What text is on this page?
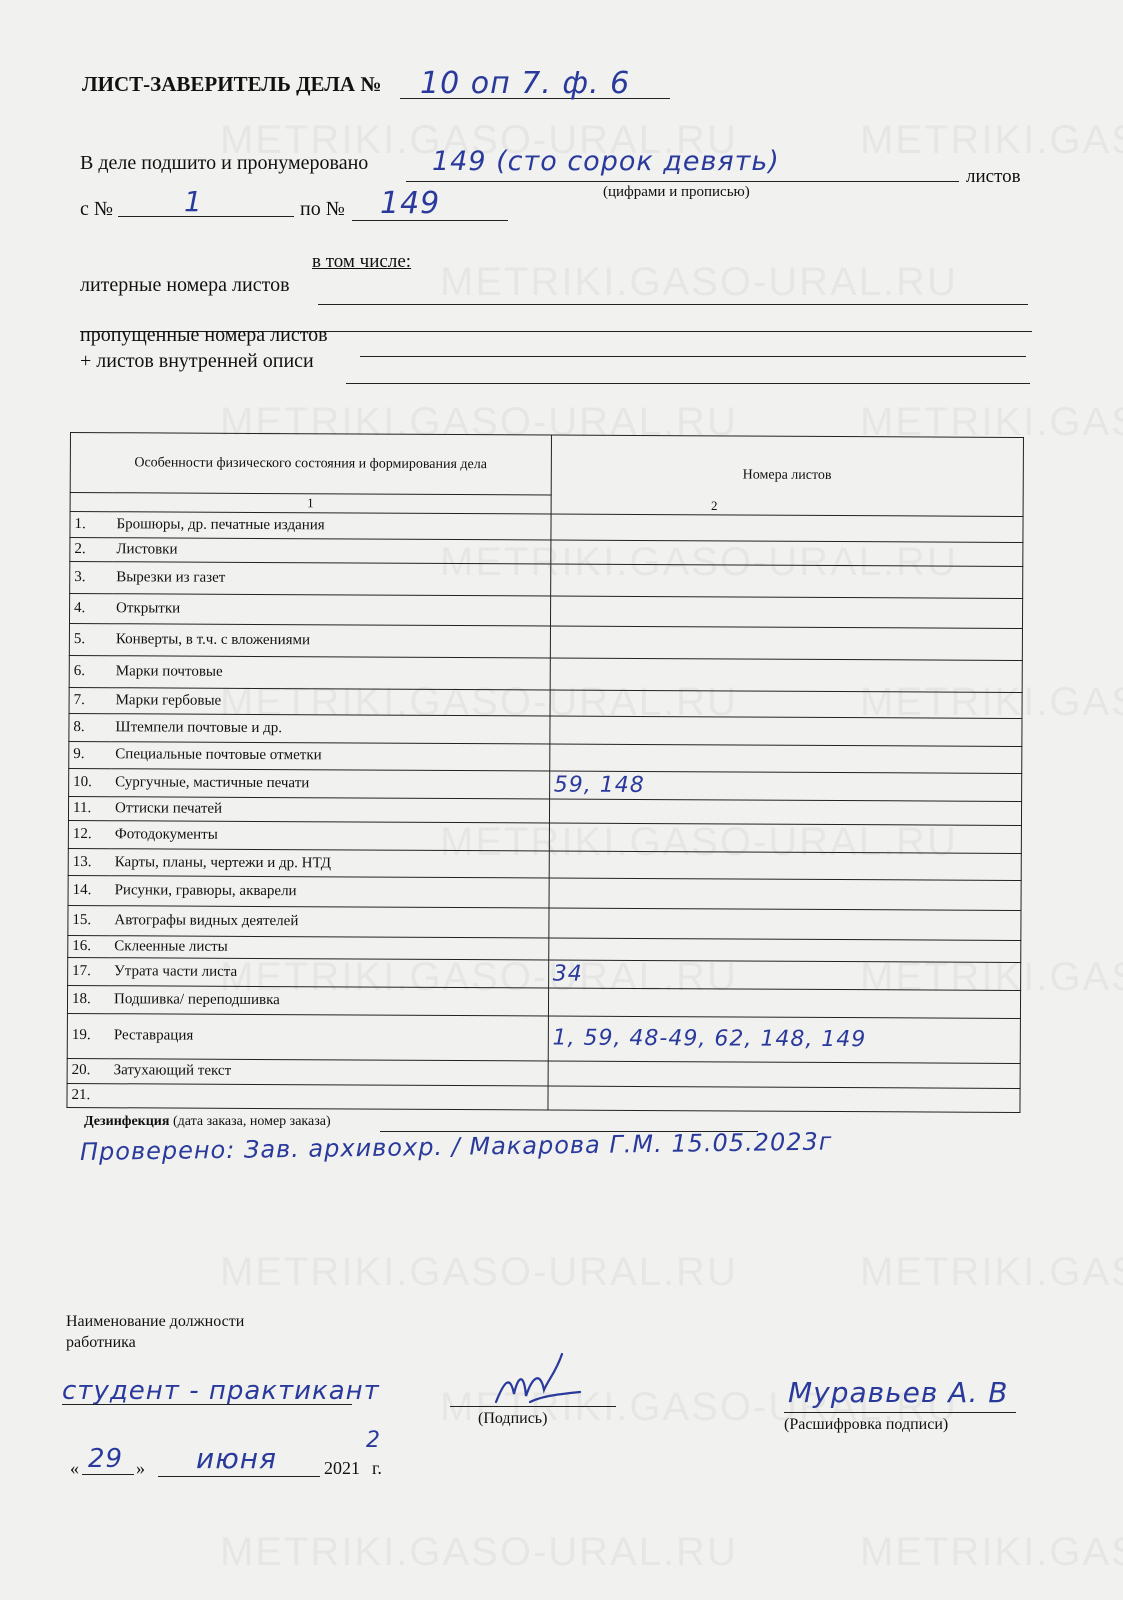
ЛИСТ-ЗАВЕРИТЕЛЬ ДЕЛА № 10 оп 7. ф. 6
В деле подшито и пронумеровано 149 (сто сорок девять)	листов
(цифрами и прописью)
с №	1	по № 149
в том числе:
литерные номера листов
пропущенные номера листов
+ листов внутренней описи
Особенности физического состояния и формирования дела		Номера листов
1		
1.	Брошюры, др. печатные издания	
2.	Листовки	
3.	Вырезки из газет	
4.	Открытки	
5.	Конверты, в т.ч. с вложениями	
6.	Марки почтовые	
7.	Марки гербовые	
8.	Штемпели почтовые и др.	
9.	Специальные почтовые отметки	
10.	Сургучные, мастичные печати	59, 148
11.	Оттиски печатей	
12.	Фотодокументы	
13.	Карты, планы, чертежи и др. НТД	
14.	Рисунки, гравюры, акварели	
15.	Автографы видных деятелей	
16.	Склеенные листы	
17.	Утрата части листа	34
18.	Подшивка/ переподшивка	
19.	Реставрация	1, 59, 48-49, 62, 148, 149
20.	Затухающий текст	
21.		
2
Дезинфекция (дата заказа, номер заказа)
Проверено: Зав. архивохр. / Макарова Г.М. 15.05.2023г
Наименование должности
работника
студент - практикант
(Подпись)
Муравьев А. В
(Расшифровка подписи)
« 29 » июня	2021
2
г.
